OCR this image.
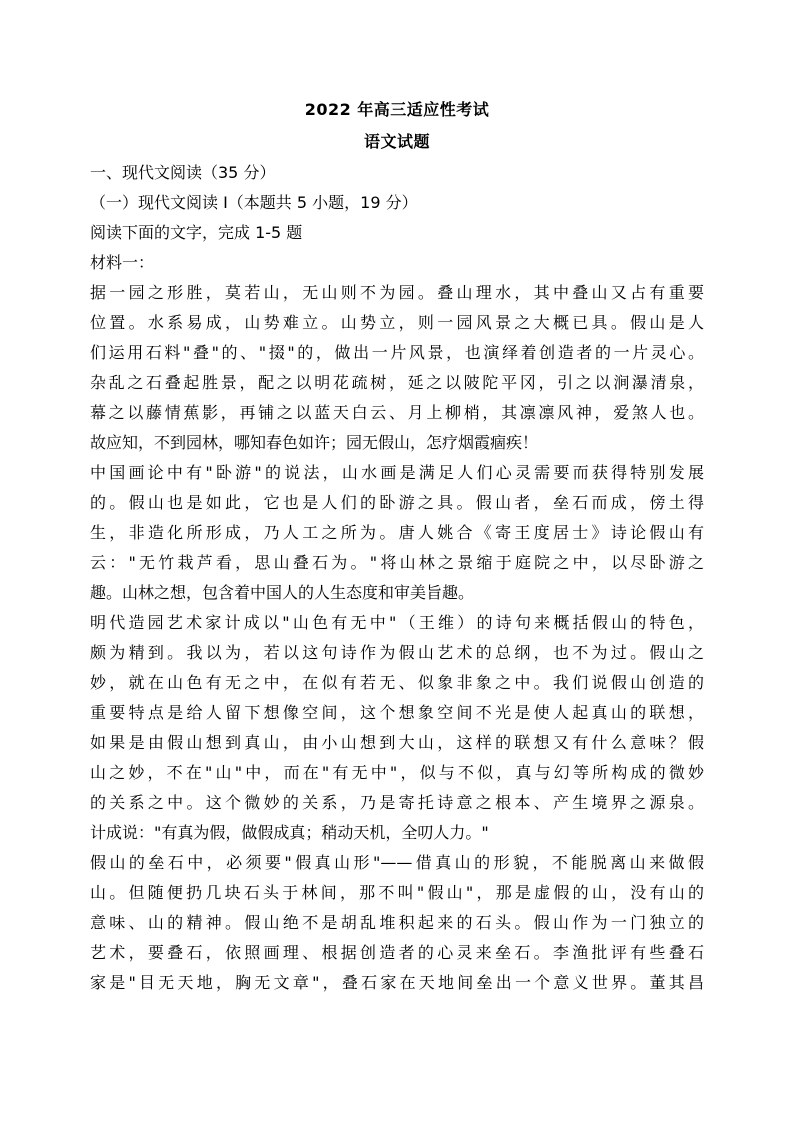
2022 年高三适应性考试
语文试题
一、现代文阅读（35 分）
（一）现代文阅读 I（本题共 5 小题，19 分）
阅读下面的文字，完成 1-5 题
材料一：
据一园之形胜，莫若山，无山则不为园。叠山理水，其中叠山又占有重要
位置。水系易成，山势难立。山势立，则一园风景之大概已具。假山是人
们运用石料"叠"的、"掇"的，做出一片风景，也演绎着创造者的一片灵心。
杂乱之石叠起胜景，配之以明花疏树，延之以陂陀平冈，引之以涧瀑清泉，
幕之以藤情蕉影，再铺之以蓝天白云、月上柳梢，其凛凛风神，爱煞人也。
故应知，不到园林，哪知春色如许；园无假山，怎疗烟霞痼疾！
中国画论中有"卧游"的说法，山水画是满足人们心灵需要而获得特别发展
的。假山也是如此，它也是人们的卧游之具。假山者，垒石而成，傍土得
生，非造化所形成，乃人工之所为。唐人姚合《寄王度居士》诗论假山有
云："无竹栽芦看，思山叠石为。"将山林之景缩于庭院之中，以尽卧游之
趣。山林之想，包含着中国人的人生态度和审美旨趣。
明代造园艺术家计成以"山色有无中"（王维）的诗句来概括假山的特色，
颇为精到。我以为，若以这句诗作为假山艺术的总纲，也不为过。假山之
妙，就在山色有无之中，在似有若无、似象非象之中。我们说假山创造的
重要特点是给人留下想像空间，这个想象空间不光是使人起真山的联想，
如果是由假山想到真山，由小山想到大山，这样的联想又有什么意味？假
山之妙，不在"山"中，而在"有无中"，似与不似，真与幻等所构成的微妙
的关系之中。这个微妙的关系，乃是寄托诗意之根本、产生境界之源泉。
计成说："有真为假，做假成真；稍动天机，全叨人力。"
假山的垒石中，必须要"假真山形"——借真山的形貌，不能脱离山来做假
山。但随便扔几块石头于林间，那不叫"假山"，那是虚假的山，没有山的
意味、山的精神。假山绝不是胡乱堆积起来的石头。假山作为一门独立的
艺术，要叠石，依照画理、根据创造者的心灵来垒石。李渔批评有些叠石
家是"目无天地，胸无文章"，叠石家在天地间垒出一个意义世界。董其昌
